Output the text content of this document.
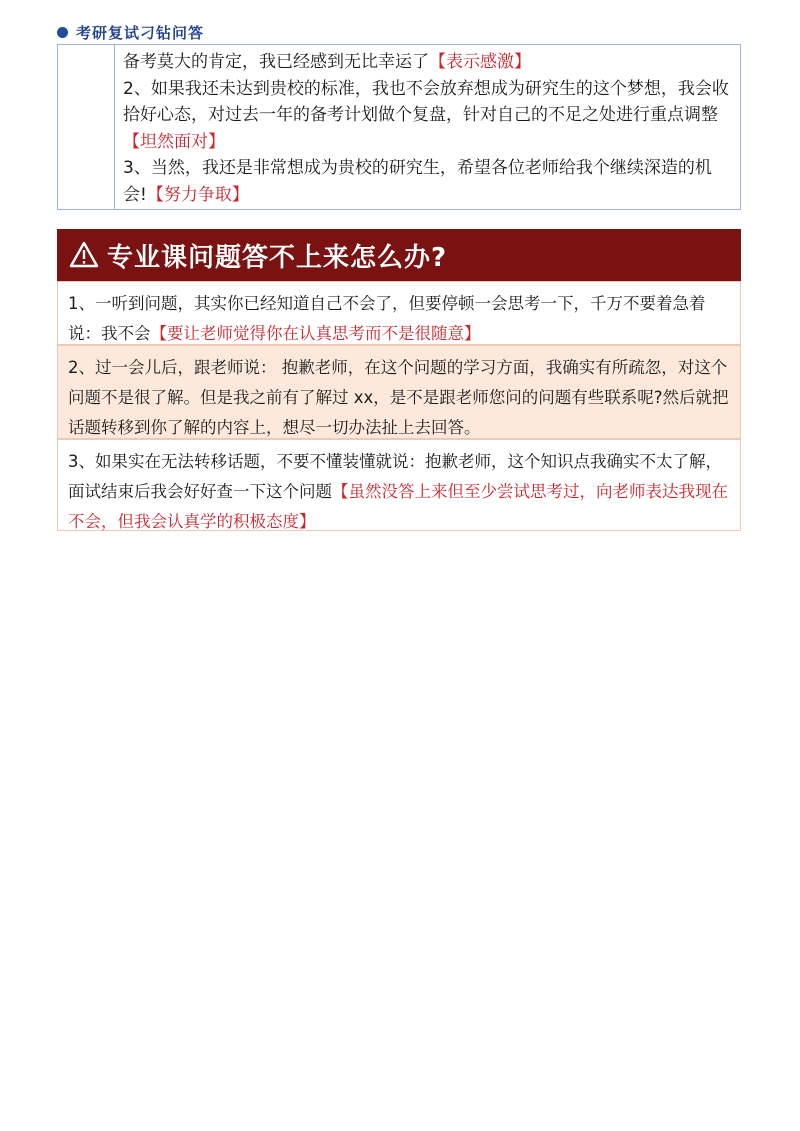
考研复试刁钻问答

备考莫大的肯定，我已经感到无比幸运了【表示感激】

2、如果我还未达到贵校的标准，我也不会放弃想成为研究生的这个梦想，我会收拾好心态，对过去一年的备考计划做个复盘，针对自己的不足之处进行重点调整【坦然面对】

3、当然，我还是非常想成为贵校的研究生，希望各位老师给我个继续深造的机会!【努力争取】

专业课问题答不上来怎么办?

1、一听到问题，其实你已经知道自己不会了，但要停顿一会思考一下，千万不要着急着说：我不会【要让老师觉得你在认真思考而不是很随意】

2、过一会儿后，跟老师说： 抱歉老师，在这个问题的学习方面，我确实有所疏忽，对这个问题不是很了解。但是我之前有了解过 xx，是不是跟老师您问的问题有些联系呢?然后就把话题转移到你了解的内容上，想尽一切办法扯上去回答。

3、如果实在无法转移话题，不要不懂装懂就说：抱歉老师，这个知识点我确实不太了解，面试结束后我会好好查一下这个问题【虽然没答上来但至少尝试思考过，向老师表达我现在不会，但我会认真学的积极态度】
